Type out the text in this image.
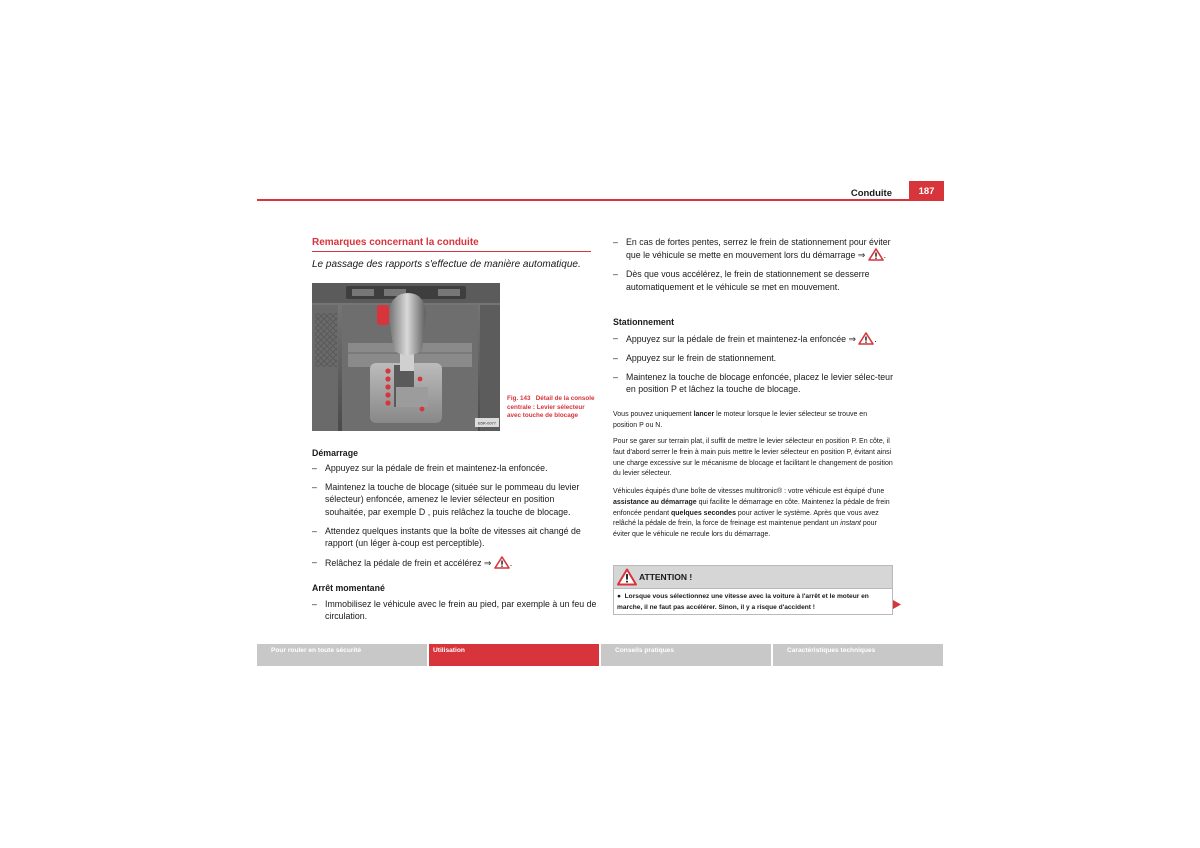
Conduite	187
Remarques concernant la conduite
Le passage des rapports s'effectue de manière automatique.
B5R-0077
Fig. 143 Détail de la console centrale : Levier sélecteur avec touche de blocage
Démarrage
– Appuyez sur la pédale de frein et maintenez-la enfoncée.
– Maintenez la touche de blocage (située sur le pommeau du levier sélecteur) enfoncée, amenez le levier sélecteur en position souhaitée, par exemple D , puis relâchez la touche de blocage.
– Attendez quelques instants que la boîte de vitesses ait changé de rapport (un léger à-coup est perceptible).
– Relâchez la pédale de frein et accélérez ⇒ .
Arrêt momentané
– Immobilisez le véhicule avec le frein au pied, par exemple à un feu de circulation.
– En cas de fortes pentes, serrez le frein de stationnement pour éviter que le véhicule se mette en mouvement lors du démarrage ⇒ .
– Dès que vous accélérez, le frein de stationnement se desserre automatiquement et le véhicule se met en mouvement.
Stationnement
– Appuyez sur la pédale de frein et maintenez-la enfoncée ⇒ .
– Appuyez sur le frein de stationnement.
– Maintenez la touche de blocage enfoncée, placez le levier sélec-teur en position P et lâchez la touche de blocage.
Vous pouvez uniquement lancer le moteur lorsque le levier sélecteur se trouve en position P ou N.
Pour se garer sur terrain plat, il suffit de mettre le levier sélecteur en position P. En côte, il faut d'abord serrer le frein à main puis mettre le levier sélecteur en position P, évitant ainsi une charge excessive sur le mécanisme de blocage et facilitant le changement de position du levier sélecteur.
Véhicules équipés d'une boîte de vitesses multitronic® : votre véhicule est équipé d'une assistance au démarrage qui facilite le démarrage en côte. Maintenez la pédale de frein enfoncée pendant quelques secondes pour activer le système. Après que vous avez relâché la pédale de frein, la force de freinage est maintenue pendant un instant pour éviter que le véhicule ne recule lors du démarrage.
ATTENTION !
● Lorsque vous sélectionnez une vitesse avec la voiture à l'arrêt et le moteur en marche, il ne faut pas accélérer. Sinon, il y a risque d'accident !
Pour rouler en toute sécurité	Utilisation	Conseils pratiques	Caractéristiques techniques
